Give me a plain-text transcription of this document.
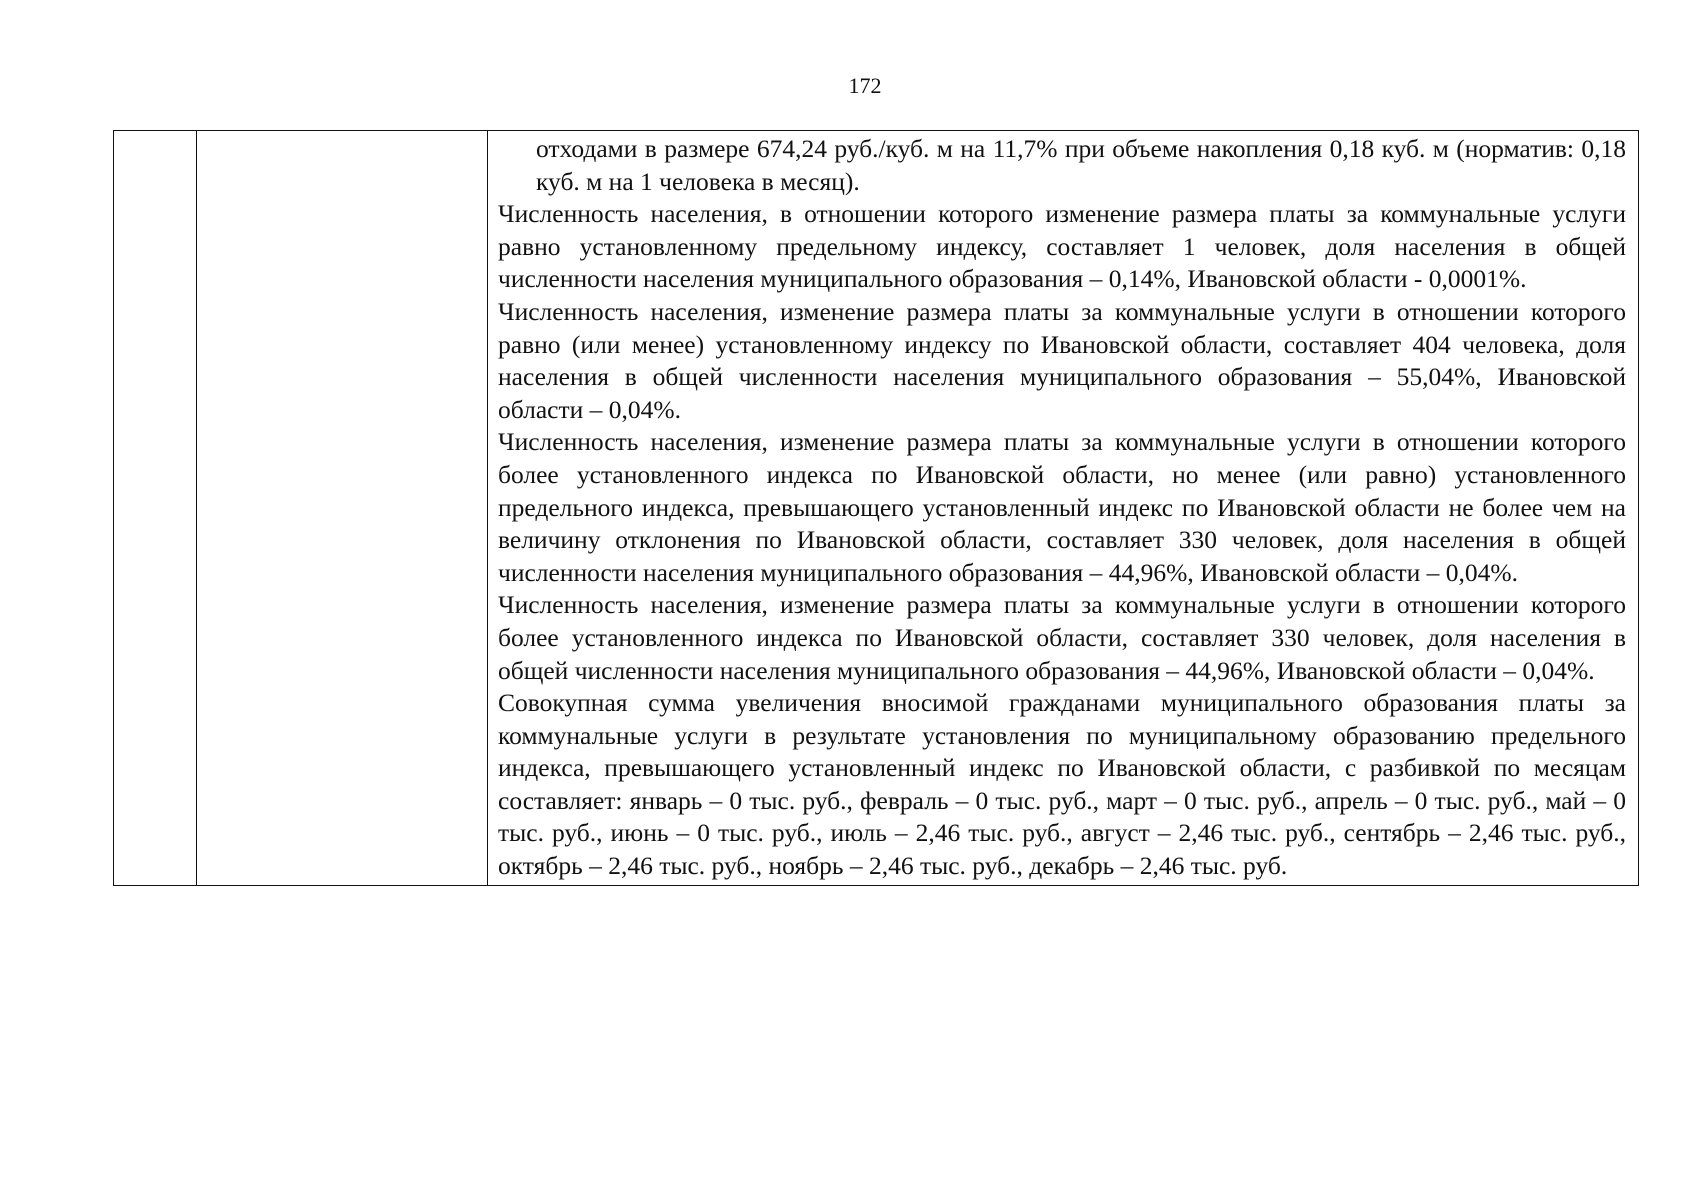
172

отходами в размере 674,24 руб./куб. м на 11,7% при объеме накопления 0,18 куб. м (норматив: 0,18 куб. м на 1 человека в месяц).

Численность населения, в отношении которого изменение размера платы за коммунальные услуги равно установленному предельному индексу, составляет 1 человек, доля населения в общей численности населения муниципального образования – 0,14%, Ивановской области - 0,0001%.

Численность населения, изменение размера платы за коммунальные услуги в отношении которого равно (или менее) установленному индексу по Ивановской области, составляет 404 человека, доля населения в общей численности населения муниципального образования – 55,04%, Ивановской области – 0,04%.

Численность населения, изменение размера платы за коммунальные услуги в отношении которого более установленного индекса по Ивановской области, но менее (или равно) установленного предельного индекса, превышающего установленный индекс по Ивановской области не более чем на величину отклонения по Ивановской области, составляет 330 человек, доля населения в общей численности населения муниципального образования – 44,96%, Ивановской области – 0,04%.

Численность населения, изменение размера платы за коммунальные услуги в отношении которого более установленного индекса по Ивановской области, составляет 330 человек, доля населения в общей численности населения муниципального образования – 44,96%, Ивановской области – 0,04%.

Совокупная сумма увеличения вносимой гражданами муниципального образования платы за коммунальные услуги в результате установления по муниципальному образованию предельного индекса, превышающего установленный индекс по Ивановской области, с разбивкой по месяцам составляет: январь – 0 тыс. руб., февраль – 0 тыс. руб., март – 0 тыс. руб., апрель – 0 тыс. руб., май – 0 тыс. руб., июнь – 0 тыс. руб., июль – 2,46 тыс. руб., август – 2,46 тыс. руб., сентябрь – 2,46 тыс. руб., октябрь – 2,46 тыс. руб., ноябрь – 2,46 тыс. руб., декабрь – 2,46 тыс. руб.
